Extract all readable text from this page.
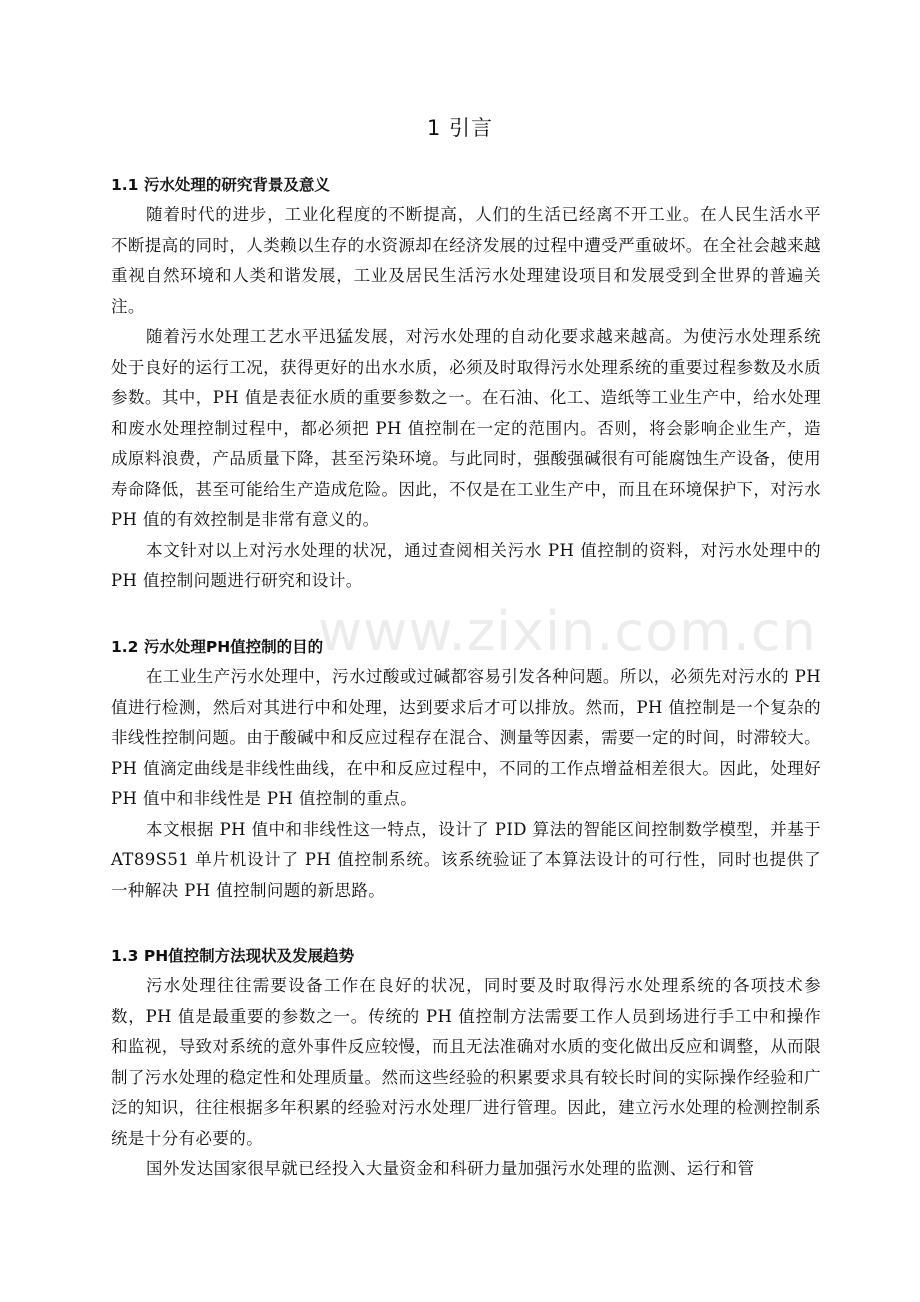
1 引言
1.1 污水处理的研究背景及意义

随着时代的进步，工业化程度的不断提高，人们的生活已经离不开工业。在人民生活水平不断提高的同时，人类赖以生存的水资源却在经济发展的过程中遭受严重破坏。在全社会越来越重视自然环境和人类和谐发展，工业及居民生活污水处理建设项目和发展受到全世界的普遍关注。

随着污水处理工艺水平迅猛发展，对污水处理的自动化要求越来越高。为使污水处理系统处于良好的运行工况，获得更好的出水水质，必须及时取得污水处理系统的重要过程参数及水质参数。其中，PH 值是表征水质的重要参数之一。在石油、化工、造纸等工业生产中，给水处理和废水处理控制过程中，都必须把 PH 值控制在一定的范围内。否则，将会影响企业生产，造成原料浪费，产品质量下降，甚至污染环境。与此同时，强酸强碱很有可能腐蚀生产设备，使用寿命降低，甚至可能给生产造成危险。因此，不仅是在工业生产中，而且在环境保护下，对污水 PH 值的有效控制是非常有意义的。

本文针对以上对污水处理的状况，通过查阅相关污水 PH 值控制的资料，对污水处理中的 PH 值控制问题进行研究和设计。

1.2 污水处理PH值控制的目的

在工业生产污水处理中，污水过酸或过碱都容易引发各种问题。所以，必须先对污水的 PH 值进行检测，然后对其进行中和处理，达到要求后才可以排放。然而，PH 值控制是一个复杂的非线性控制问题。由于酸碱中和反应过程存在混合、测量等因素，需要一定的时间，时滞较大。PH 值滴定曲线是非线性曲线，在中和反应过程中，不同的工作点增益相差很大。因此，处理好 PH 值中和非线性是 PH 值控制的重点。

本文根据 PH 值中和非线性这一特点，设计了 PID 算法的智能区间控制数学模型，并基于 AT89S51 单片机设计了 PH 值控制系统。该系统验证了本算法设计的可行性，同时也提供了一种解决 PH 值控制问题的新思路。

1.3 PH值控制方法现状及发展趋势

污水处理往往需要设备工作在良好的状况，同时要及时取得污水处理系统的各项技术参数，PH 值是最重要的参数之一。传统的 PH 值控制方法需要工作人员到场进行手工中和操作和监视，导致对系统的意外事件反应较慢，而且无法准确对水质的变化做出反应和调整，从而限制了污水处理的稳定性和处理质量。然而这些经验的积累要求具有较长时间的实际操作经验和广泛的知识，往往根据多年积累的经验对污水处理厂进行管理。因此，建立污水处理的检测控制系统是十分有必要的。

国外发达国家很早就已经投入大量资金和科研力量加强污水处理的监测、运行和管

www.zixin.com.cn
